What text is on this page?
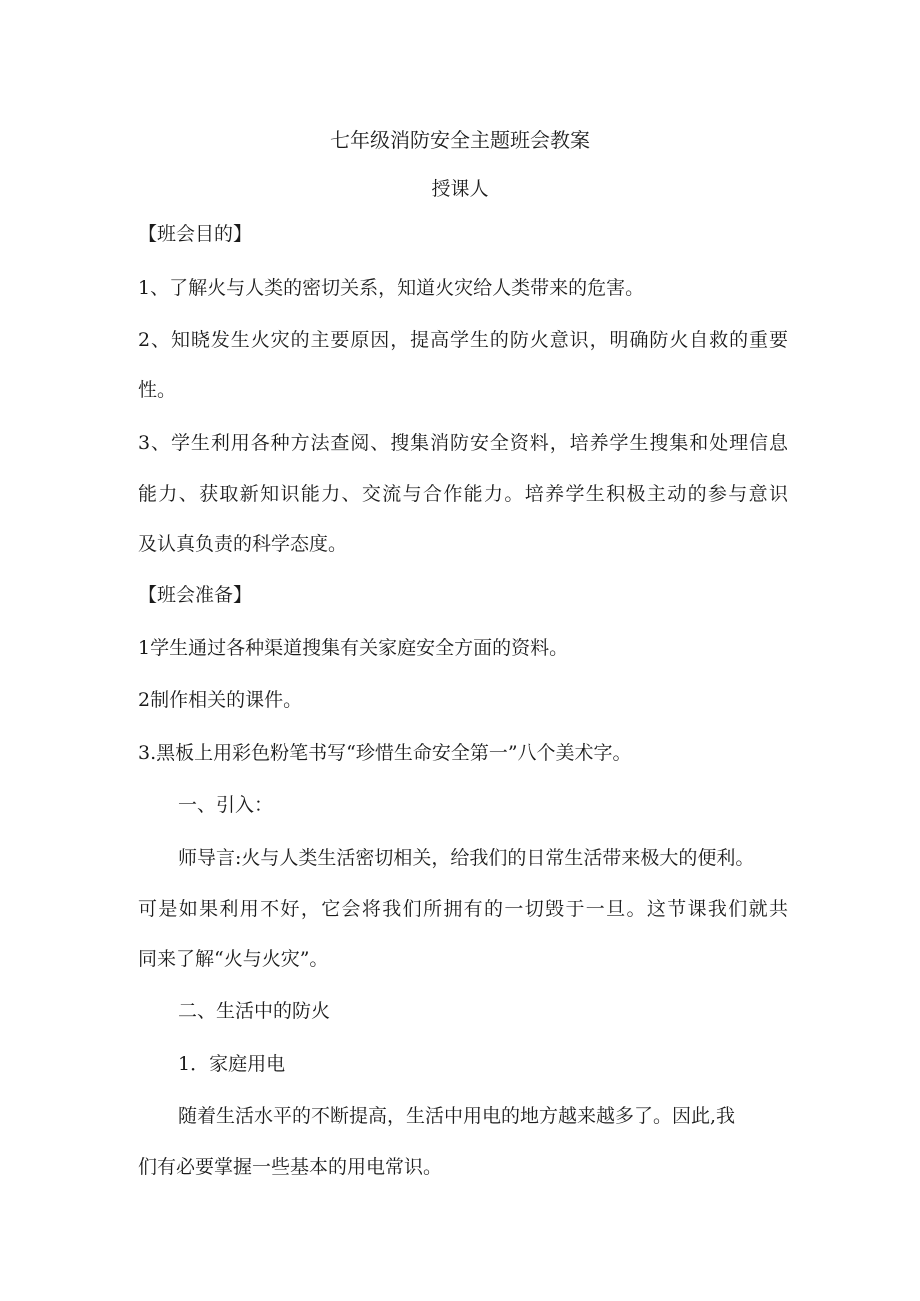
七年级消防安全主题班会教案
授课人
【班会目的】
1、了解火与人类的密切关系，知道火灾给人类带来的危害。
2、知晓发生火灾的主要原因，提高学生的防火意识，明确防火自救的重要
性。
3、学生利用各种方法查阅、搜集消防安全资料，培养学生搜集和处理信息
能力、获取新知识能力、交流与合作能力。培养学生积极主动的参与意识
及认真负责的科学态度。
【班会准备】
1学生通过各种渠道搜集有关家庭安全方面的资料。
2制作相关的课件。
3.黑板上用彩色粉笔书写“珍惜生命安全第一”八个美术字。
一、引入：
师导言:火与人类生活密切相关，给我们的日常生活带来极大的便利。
可是如果利用不好，它会将我们所拥有的一切毁于一旦。这节课我们就共
同来了解“火与火灾”。
二、生活中的防火
1．家庭用电
随着生活水平的不断提高，生活中用电的地方越来越多了。因此,我
们有必要掌握一些基本的用电常识。
